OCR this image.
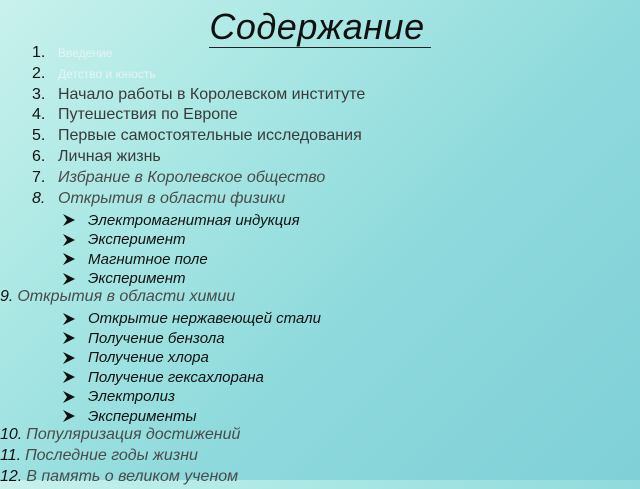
Содержание
1.	Введение
2.	Детство и юность
3. Начало работы в Королевском институте
4. Путешествия по Европе
5. Первые самостоятельные исследования
6. Личная жизнь
7. Избрание в Королевское общество
8. Открытия в области физики
Электромагнитная индукция
Эксперимент
Магнитное поле
Эксперимент
9. Открытия в области химии
Открытие нержавеющей стали
Получение бензола
Получение хлора
Получение гексахлорана
Электролиз
Эксперименты
10. Популяризация достижений
11. Последние годы жизни
12. В память о великом ученом
